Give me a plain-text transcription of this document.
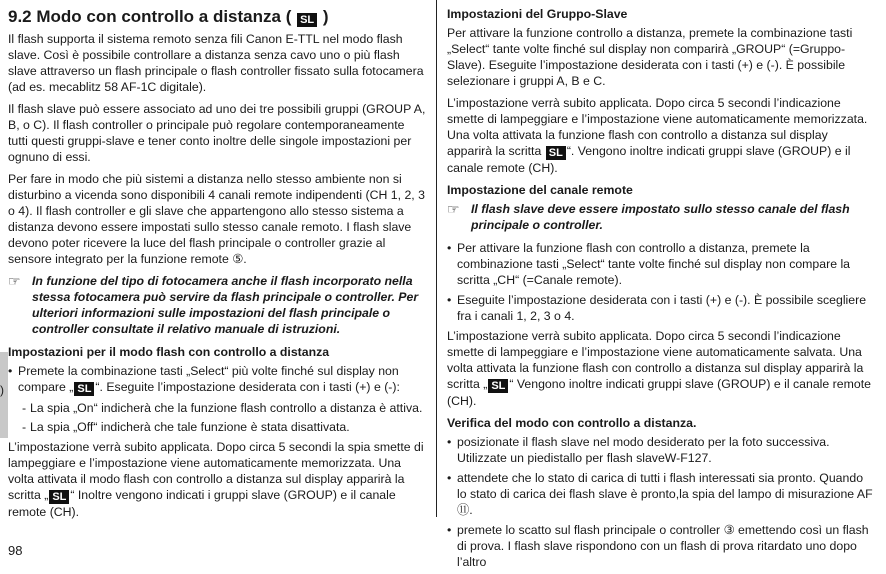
)
9.2 Modo con controllo a distanza ( SL )

Il flash supporta il sistema remoto senza fili Canon E-TTL nel modo flash slave. Così è possibile controllare a distanza senza cavo uno o più flash slave attraverso un flash principale o flash controller fissato sulla fotocamera (ad es. mecablitz 58 AF-1C digitale).

Il flash slave può essere associato ad uno dei tre possibili gruppi (GROUP A, B, o C). Il flash controller o principale può regolare contemporaneamente tutti questi gruppi-slave e tener conto inoltre delle singole impostazioni per ognuno di essi.

Per fare in modo che più sistemi a distanza nello stesso ambiente non si disturbino a vicenda sono disponibili 4 canali remote indipendenti (CH 1, 2, 3 o 4). Il flash controller e gli slave che appartengono allo stesso sistema a distanza devono essere impostati sullo stesso canale remoto. I flash slave devono poter ricevere la luce del flash principale o controller grazie al sensore integrato per la funzione remote ⑤.

☞ In funzione del tipo di fotocamera anche il flash incorporato nella stessa fotocamera può servire da flash principale o controller. Per ulteriori informazioni sulle impostazioni del flash principale o controller consultate il relativo manuale di istruzioni.
Impostazioni per il modo flash con controllo a distanza
• Premete la combinazione tasti „Select“ più volte finché sul display non compare „ SL “. Eseguite l’impostazione desiderata con i tasti (+) e (-):
- La spia „On“ indicherà che la funzione flash controllo a distanza è attiva.
- La spia „Off“ indicherà che tale funzione è stata disattivata.

L’impostazione verrà subito applicata. Dopo circa 5 secondi la spia smette di lampeggiare e l’impostazione viene automaticamente memorizzata. Una volta attivata il modo flash con controllo a distanza sul display apparirà la scritta „ SL “ Inoltre vengono indicati i gruppi slave (GROUP) e il canale remote (CH).

Impostazioni del Gruppo-Slave

Per attivare la funzione controllo a distanza, premete la combinazione tasti „Select“ tante volte finché sul display non comparirà „GROUP“ (=Gruppo-Slave). Eseguite l’impostazione desiderata con i tasti (+) e (-). È possibile selezionare i gruppi A, B e C.

L’impostazione verrà subito applicata. Dopo circa 5 secondi l’indicazione smette di lampeggiare e l’impostazione viene automaticamente memorizzata. Una volta attivata la funzione flash con controllo a distanza sul display apparirà la scritta SL “. Vengono inoltre indicati gruppi slave (GROUP) e il canale remote (CH).

Impostazione del canale remote
☞ Il flash slave deve essere impostato sullo stesso canale del flash principale o controller.
• Per attivare la funzione flash con controllo a distanza, premete la combinazione tasti „Select“ tante volte finché sul display non compare la scritta „CH“ (=Canale remote).
• Eseguite l’impostazione desiderata con i tasti (+) e (-). È possibile scegliere fra i canali 1, 2, 3 o 4.

L’impostazione verrà subito applicata. Dopo circa 5 secondi l’indicazione smette di lampeggiare e l’impostazione viene automaticamente salvata. Una volta attivata la funzione flash con controllo a distanza sul display apparirà la scritta „ SL “ Vengono inoltre indicati gruppi slave (GROUP) e il canale remote (CH).

Verifica del modo con controllo a distanza.
• posizionate il flash slave nel modo desiderato per la foto successiva. Utilizzate un piedistallo per flash slaveW-F127.
• attendete che lo stato di carica di tutti i flash interessati sia pronto. Quando lo stato di carica dei flash slave è pronto,la spia del lampo di misurazione AF ⑪.
• premete lo scatto sul flash principale o controller ③ emettendo così un flash di prova. I flash slave rispondono con un flash di prova ritardato uno dopo l’altro
98
